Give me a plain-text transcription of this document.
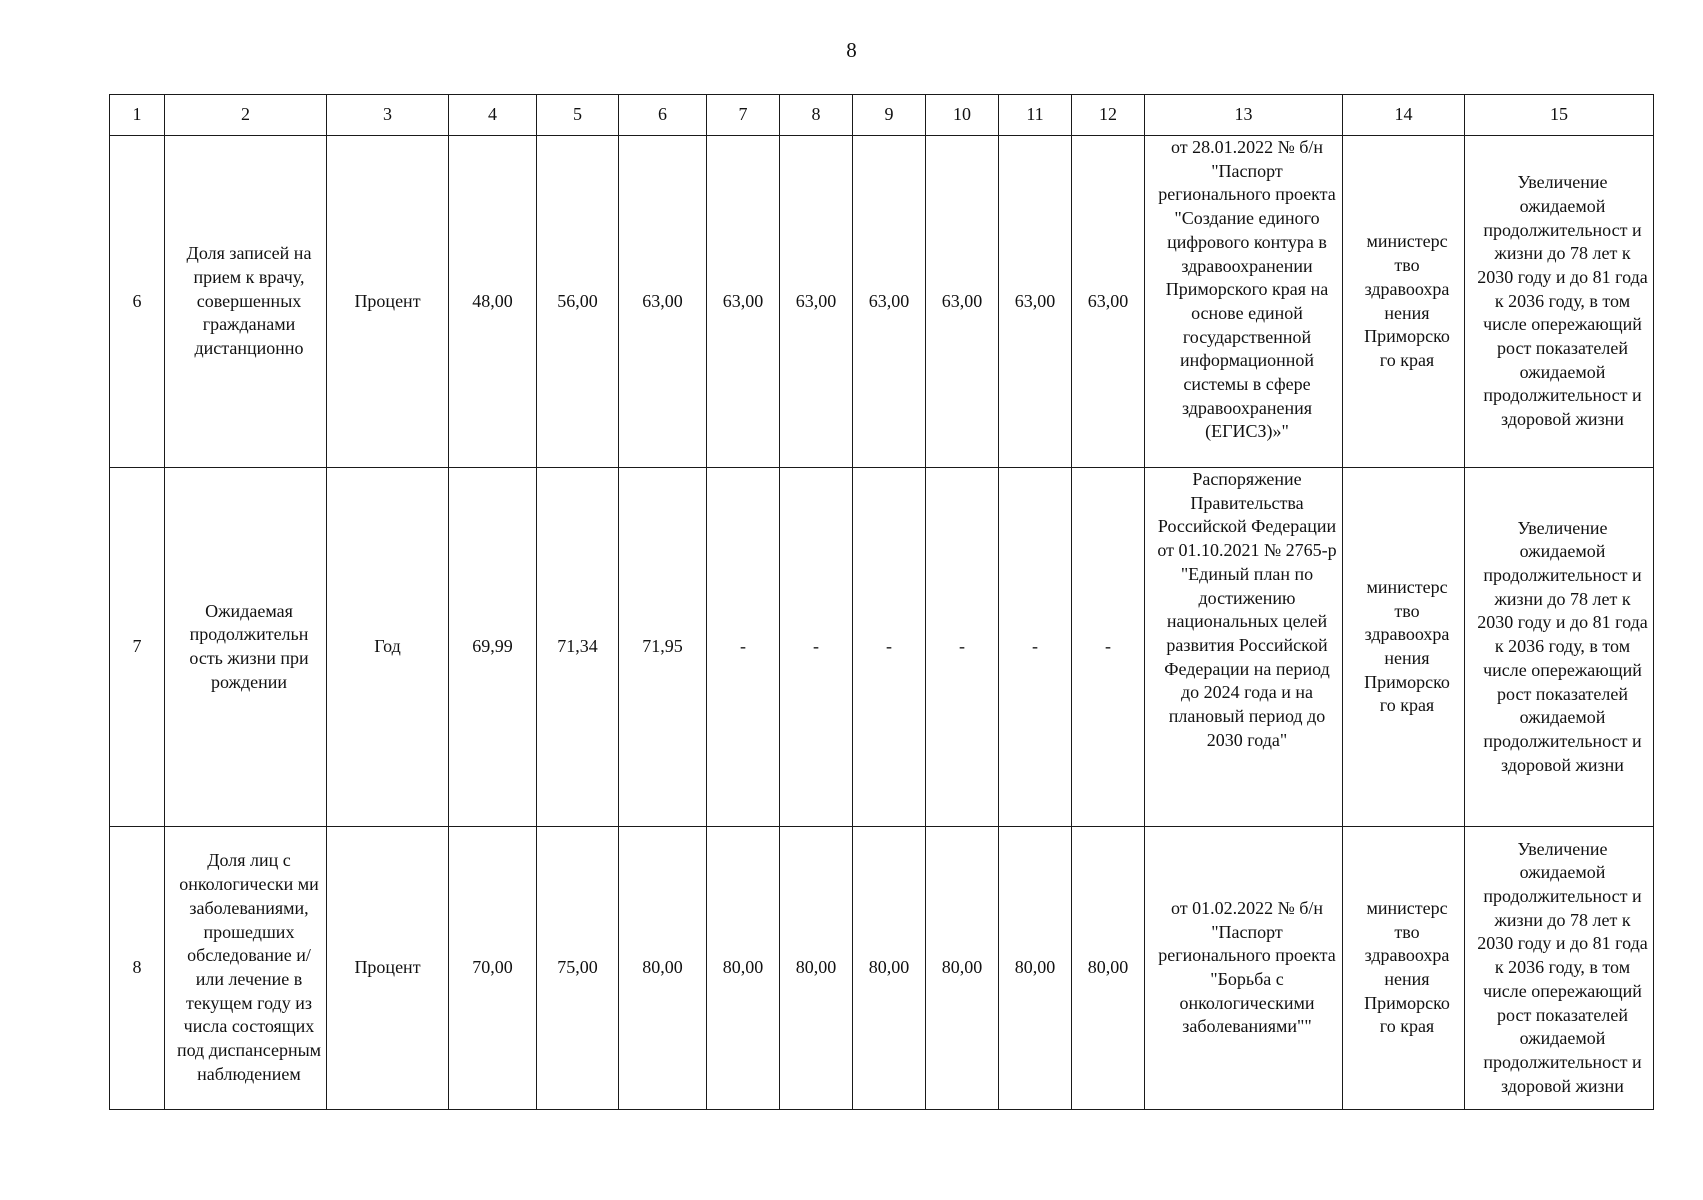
8
1	2	3	4	5	6	7	8	9	10	11	12	13	14	15
6	Доля записей на прием к врачу, совершенных гражданами дистанционно	Процент	48,00	56,00	63,00	63,00	63,00	63,00	63,00	63,00	63,00	от 28.01.2022 № б/н "Паспорт регионального проекта "Создание единого цифрового контура в здравоохранении Приморского края на основе единой государственной информационной системы в сфере здравоохранения (ЕГИСЗ)»"	министерс тво здравоохра нения Приморско го края	Увеличение ожидаемой продолжительност и жизни до 78 лет к 2030 году и до 81 года к 2036 году, в том числе опережающий рост показателей ожидаемой продолжительност и здоровой жизни
7	Ожидаемая продолжительн ость жизни при рождении	Год	69,99	71,34	71,95	-	-	-	-	-	-	Распоряжение Правительства Российской Федерации от 01.10.2021 № 2765-р "Единый план по достижению национальных целей развития Российской Федерации на период до 2024 года и на плановый период до 2030 года"	министерс тво здравоохра нения Приморско го края	Увеличение ожидаемой продолжительност и жизни до 78 лет к 2030 году и до 81 года к 2036 году, в том числе опережающий рост показателей ожидаемой продолжительност и здоровой жизни
8	Доля лиц с онкологически ми заболеваниями, прошедших обследование и/или лечение в текущем году из числа состоящих под диспансерным наблюдением	Процент	70,00	75,00	80,00	80,00	80,00	80,00	80,00	80,00	80,00	от 01.02.2022 № б/н "Паспорт регионального проекта "Борьба с онкологическими заболеваниями""	министерс тво здравоохра нения Приморско го края	Увеличение ожидаемой продолжительност и жизни до 78 лет к 2030 году и до 81 года к 2036 году, в том числе опережающий рост показателей ожидаемой продолжительност и здоровой жизни
